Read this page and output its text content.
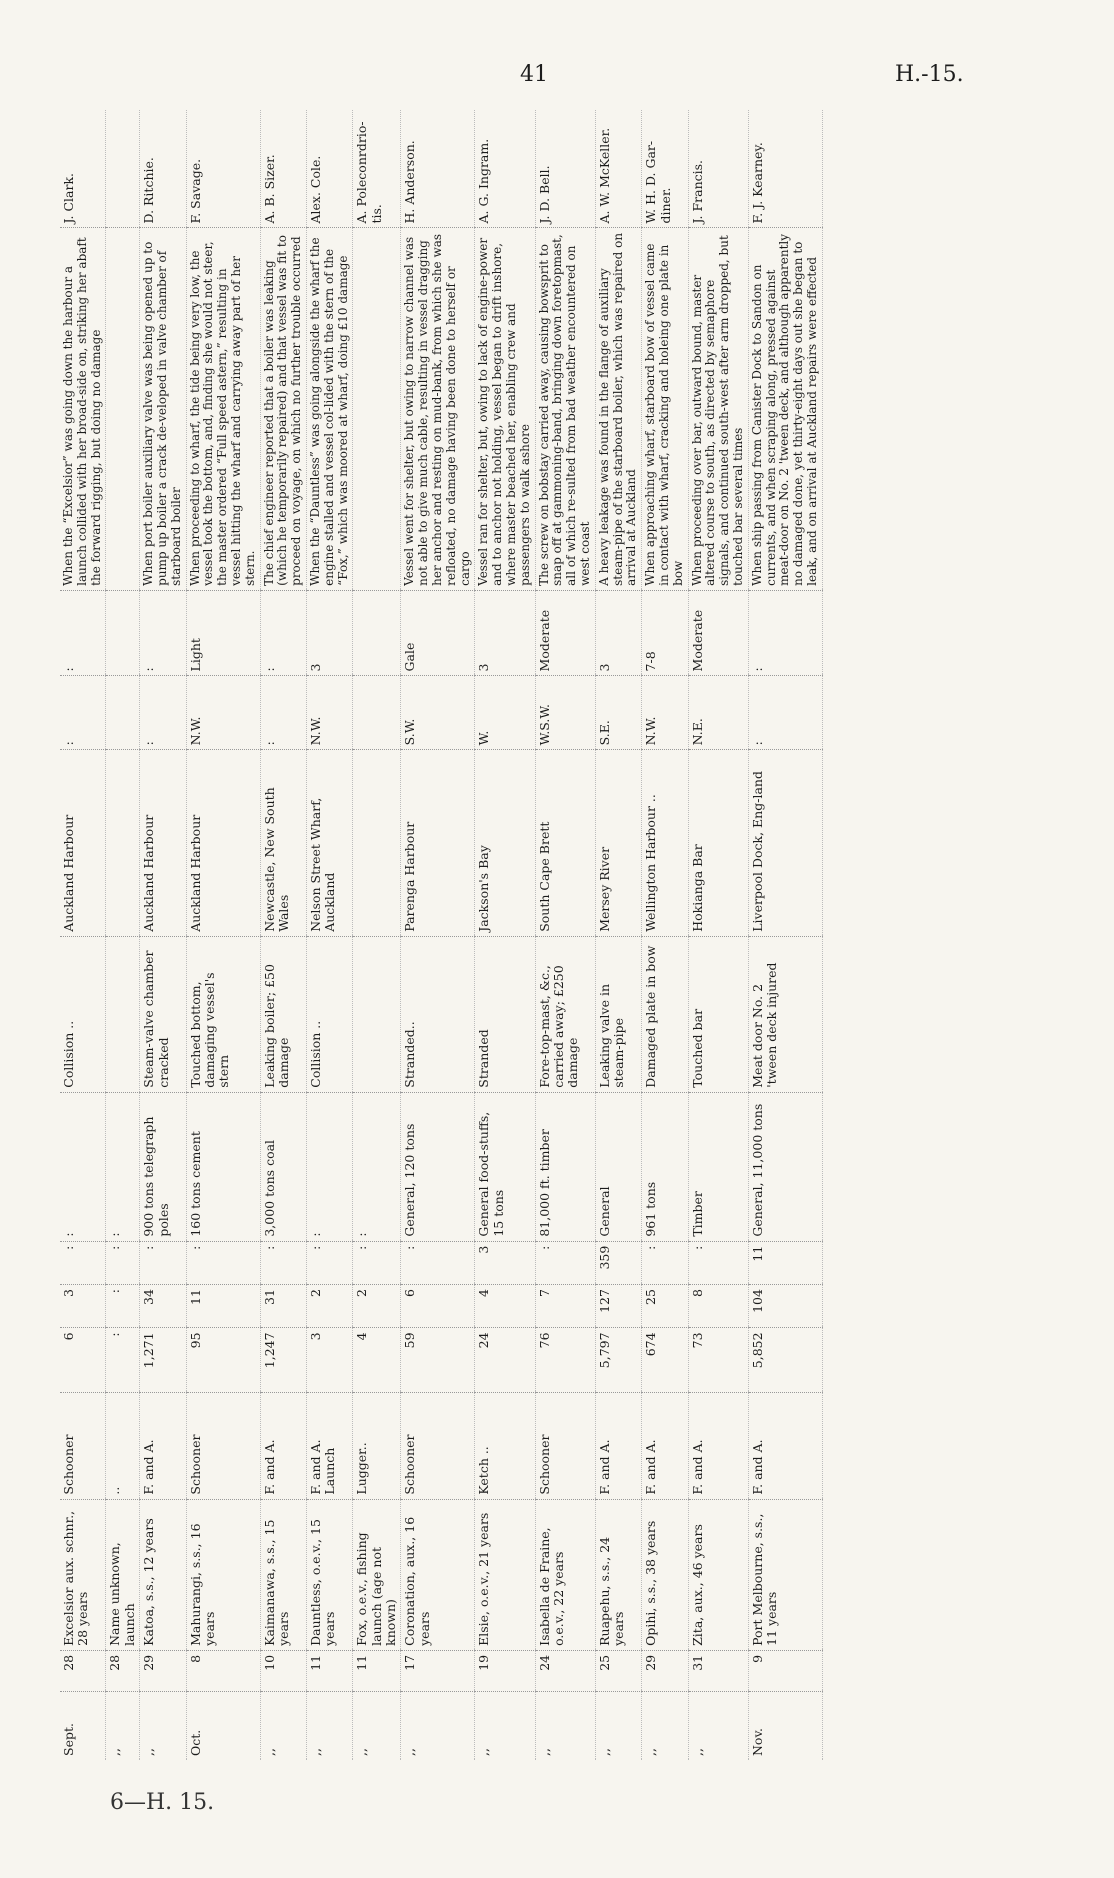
41	H.-15.
Sept.	28	Excelsior aux. schnr., 28 years	Schooner	6	3	:	:	Collision ..	Auckland Harbour	:	:	When the “Excelsior” was going down the harbour a launch collided with her broad-side on, striking her abaft the forward rigging, but doing no damage	J. Clark.
,,	28	Name unknown, launch	..	:	:	:	:						
,,	29	Katoa, s.s., 12 years	F. and A.	1,271	34	:	900 tons telegraph poles	Steam-valve chamber cracked	Auckland Harbour	:	:	When port boiler auxiliary valve was being opened up to pump up boiler a crack de-veloped in valve chamber of starboard boiler	D. Ritchie.
Oct.	8	Mahurangi, s.s., 16 years	Schooner	95	11	:	160 tons cement	Touched bottom, damaging vessel's stern	Auckland Harbour	N.W.	Light	When proceeding to wharf, the tide being very low, the vessel took the bottom, and, finding she would not steer, the master ordered “Full speed astern,” resulting in vessel hitting the wharf and carrying away part of her stern.	F. Savage.
,,	10	Kaimanawa, s.s., 15 years	F. and A.	1,247	31	:	3,000 tons coal	Leaking boiler; £50 damage	Newcastle, New South Wales	:	:	The chief engineer reported that a boiler was leaking (which he temporarily repaired) and that vessel was fit to proceed on voyage, on which no further trouble occurred	A. B. Sizer.
,,	11	Dauntless, o.e.v., 15 years	F. and A. Launch	3	2	:	:	Collision ..	Nelson Street Wharf, Auckland	N.W.	3	When the “Dauntless” was going alongside the wharf the engine stalled and vessel col-lided with the stern of the “Fox,” which was moored at wharf, doing £10 damage	Alex. Cole.
,,	11	Fox, o.e.v., fishing launch (age not known)	Lugger..	4	2	:	:						A. Poleconrdrio-tis.
,,	17	Coronation, aux., 16 years	Schooner	59	6	:	General, 120 tons	Stranded..	Parenga Harbour	S.W.	Gale	Vessel went for shelter, but owing to narrow channel was not able to give much cable, resulting in vessel dragging her anchor and resting on mud-bank, from which she was refloated, no damage having been done to herself or cargo	H. Anderson.
,,	19	Elsie, o.e.v., 21 years	Ketch ..	24	4	3	General food-stuffs, 15 tons	Stranded	Jackson's Bay	W.	3	Vessel ran for shelter, but, owing to lack of engine-power and to anchor not holding, vessel began to drift inshore, where master beached her, enabling crew and passengers to walk ashore	A. G. Ingram.
,,	24	Isabella de Fraine, o.e.v., 22 years	Schooner	76	7	:	81,000 ft. timber	Fore-top-mast, &c., carried away; £250 damage	South Cape Brett	W.S.W.	Moderate	The screw on bobstay carried away, causing bowsprit to snap off at gammoning-band, bringing down foretopmast, all of which re-sulted from bad weather encountered on west coast	J. D. Bell.
,,	25	Ruapehu, s.s., 24 years	F. and A.	5,797	127	359	General	Leaking valve in steam-pipe	Mersey River	S.E.	3	A heavy leakage was found in the flange of auxiliary steam-pipe of the starboard boiler, which was repaired on arrival at Auckland	A. W. McKeller.
,,	29	Opihi, s.s., 38 years	F. and A.	674	25	:	961 tons	Damaged plate in bow	Wellington Harbour ..	N.W.	7-8	When approaching wharf, starboard bow of vessel came in contact with wharf, cracking and holeing one plate in bow	W. H. D. Gar-diner.
,,	31	Zita, aux., 46 years	F. and A.	73	8	:	Timber	Touched bar	Hokianga Bar	N.E.	Moderate	When proceeding over bar, outward bound, master altered course to south, as directed by semaphore signals, and continued south-west after arm dropped, but touched bar several times	J. Francis.
Nov.	9	Port Melbourne, s.s., 11 years	F. and A.	5,852	104	11	General, 11,000 tons	Meat door No. 2 'tween deck injured	Liverpool Dock, Eng-land	:	:	When ship passing from Canister Dock to Sandon on currents, and when scraping along, pressed against meat-door on No. 2 'tween deck, and although apparently no damaged done, yet thirty-eight days out she began to leak, and on arrival at Auckland repairs were effected	F. J. Kearney.
6—H. 15.
